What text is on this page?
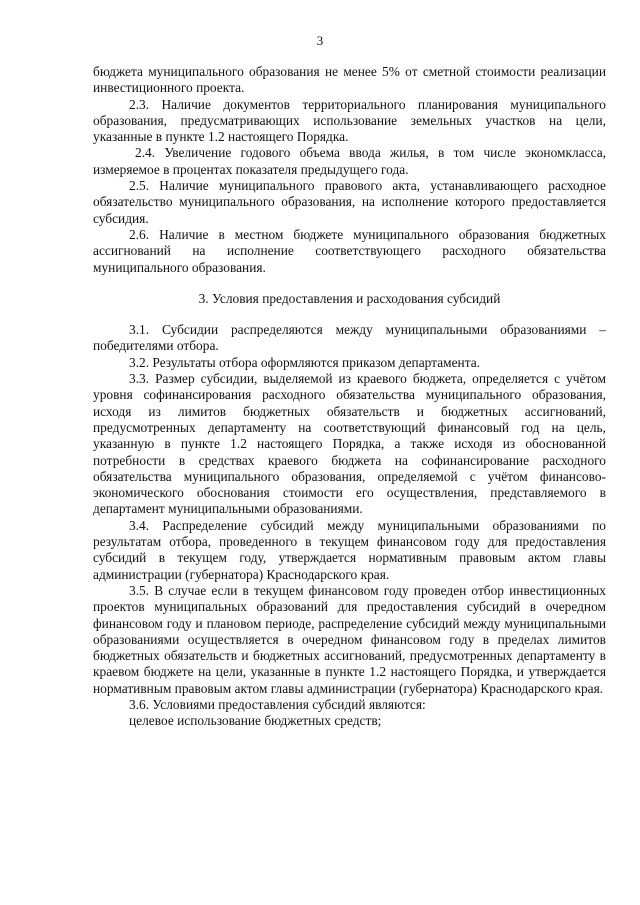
3

бюджета муниципального образования не менее 5% от сметной стоимости реализации инвестиционного проекта.

2.3. Наличие документов территориального планирования муниципального образования, предусматривающих использование земельных участков на цели, указанные в пункте 1.2 настоящего Порядка.

2.4. Увеличение годового объема ввода жилья, в том числе экономкласса, измеряемое в процентах показателя предыдущего года.

2.5. Наличие муниципального правового акта, устанавливающего расходное обязательство муниципального образования, на исполнение которого предоставляется субсидия.

2.6. Наличие в местном бюджете муниципального образования бюджетных ассигнований на исполнение соответствующего расходного обязательства муниципального образования.

3. Условия предоставления и расходования субсидий

3.1. Субсидии распределяются между муниципальными образованиями – победителями отбора.

3.2. Результаты отбора оформляются приказом департамента.

3.3. Размер субсидии, выделяемой из краевого бюджета, определяется с учётом уровня софинансирования расходного обязательства муниципального образования, исходя из лимитов бюджетных обязательств и бюджетных ассигнований, предусмотренных департаменту на соответствующий финансовый год на цель, указанную в пункте 1.2 настоящего Порядка, а также исходя из обоснованной потребности в средствах краевого бюджета на софинансирование расходного обязательства муниципального образования, определяемой с учётом финансово-экономического обоснования стоимости его осуществления, представляемого в департамент муниципальными образованиями.

3.4. Распределение субсидий между муниципальными образованиями по результатам отбора, проведенного в текущем финансовом году для предоставления субсидий в текущем году, утверждается нормативным правовым актом главы администрации (губернатора) Краснодарского края.

3.5. В случае если в текущем финансовом году проведен отбор инвестиционных проектов муниципальных образований для предоставления субсидий в очередном финансовом году и плановом периоде, распределение субсидий между муниципальными образованиями осуществляется в очередном финансовом году в пределах лимитов бюджетных обязательств и бюджетных ассигнований, предусмотренных департаменту в краевом бюджете на цели, указанные в пункте 1.2 настоящего Порядка, и утверждается нормативным правовым актом главы администрации (губернатора) Краснодарского края.

3.6. Условиями предоставления субсидий являются:

целевое использование бюджетных средств;
